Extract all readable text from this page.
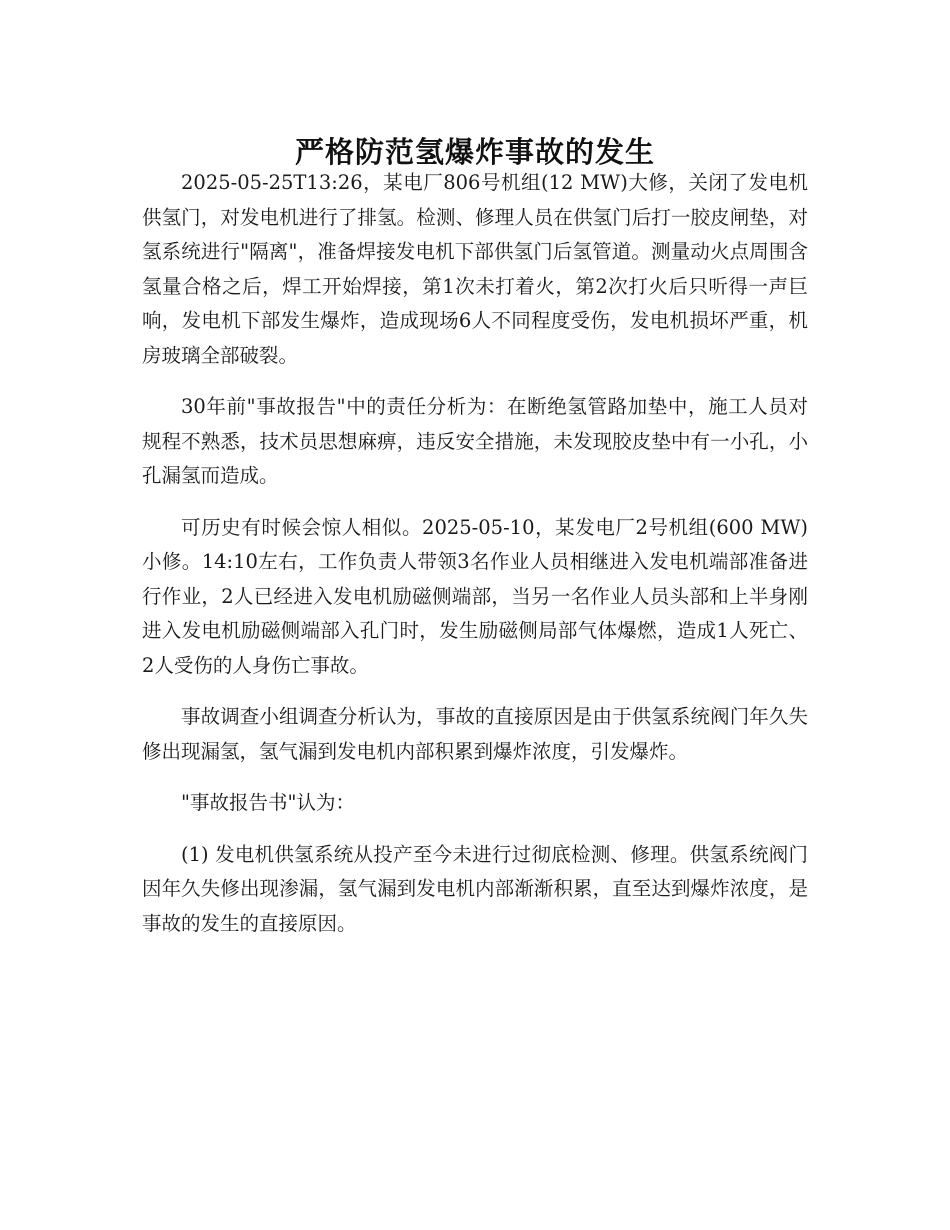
严格防范氢爆炸事故的发生

2025-05-25T13:26，某电厂806号机组(12 MW)大修，关闭了发电机供氢门，对发电机进行了排氢。检测、修理人员在供氢门后打一胶皮闸垫，对氢系统进行"隔离"，准备焊接发电机下部供氢门后氢管道。测量动火点周围含氢量合格之后，焊工开始焊接，第1次未打着火，第2次打火后只听得一声巨响，发电机下部发生爆炸，造成现场6人不同程度受伤，发电机损坏严重，机房玻璃全部破裂。

30年前"事故报告"中的责任分析为：在断绝氢管路加垫中，施工人员对规程不熟悉，技术员思想麻痹，违反安全措施，未发现胶皮垫中有一小孔，小孔漏氢而造成。

可历史有时候会惊人相似。2025-05-10，某发电厂2号机组(600 MW)小修。14:10左右，工作负责人带领3名作业人员相继进入发电机端部准备进行作业，2人已经进入发电机励磁侧端部，当另一名作业人员头部和上半身刚进入发电机励磁侧端部入孔门时，发生励磁侧局部气体爆燃，造成1人死亡、2人受伤的人身伤亡事故。

事故调查小组调查分析认为，事故的直接原因是由于供氢系统阀门年久失修出现漏氢，氢气漏到发电机内部积累到爆炸浓度，引发爆炸。

"事故报告书"认为：

(1) 发电机供氢系统从投产至今未进行过彻底检测、修理。供氢系统阀门因年久失修出现渗漏，氢气漏到发电机内部渐渐积累，直至达到爆炸浓度，是事故的发生的直接原因。
